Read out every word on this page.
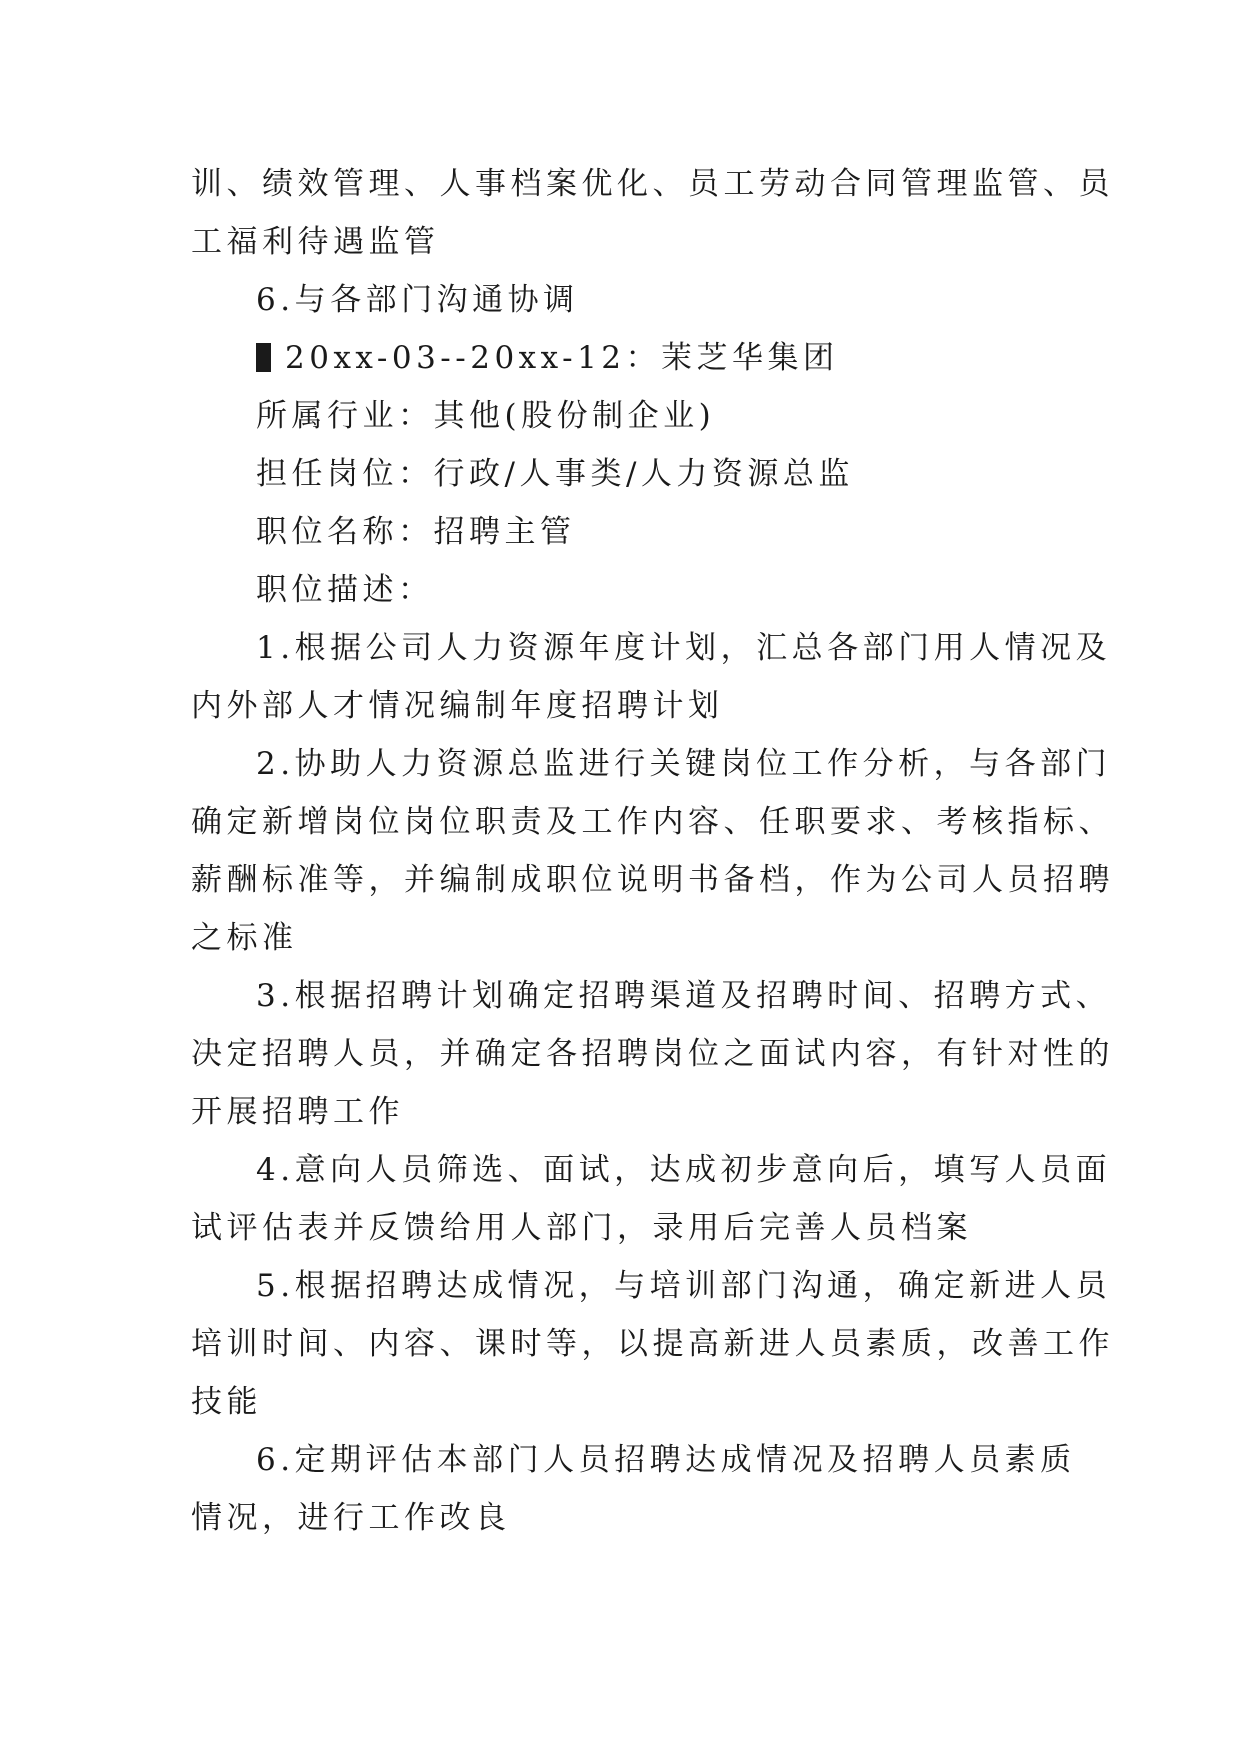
训、绩效管理、人事档案优化、员工劳动合同管理监管、员
工福利待遇监管
6.与各部门沟通协调
20xx-03--20xx-12：茉芝华集团
所属行业：其他(股份制企业)
担任岗位：行政/人事类/人力资源总监
职位名称：招聘主管
职位描述：
1.根据公司人力资源年度计划，汇总各部门用人情况及
内外部人才情况编制年度招聘计划
2.协助人力资源总监进行关键岗位工作分析，与各部门
确定新增岗位岗位职责及工作内容、任职要求、考核指标、
薪酬标准等，并编制成职位说明书备档，作为公司人员招聘
之标准
3.根据招聘计划确定招聘渠道及招聘时间、招聘方式、
决定招聘人员，并确定各招聘岗位之面试内容，有针对性的
开展招聘工作
4.意向人员筛选、面试，达成初步意向后，填写人员面
试评估表并反馈给用人部门，录用后完善人员档案
5.根据招聘达成情况，与培训部门沟通，确定新进人员
培训时间、内容、课时等，以提高新进人员素质，改善工作
技能
6.定期评估本部门人员招聘达成情况及招聘人员素质
情况，进行工作改良
